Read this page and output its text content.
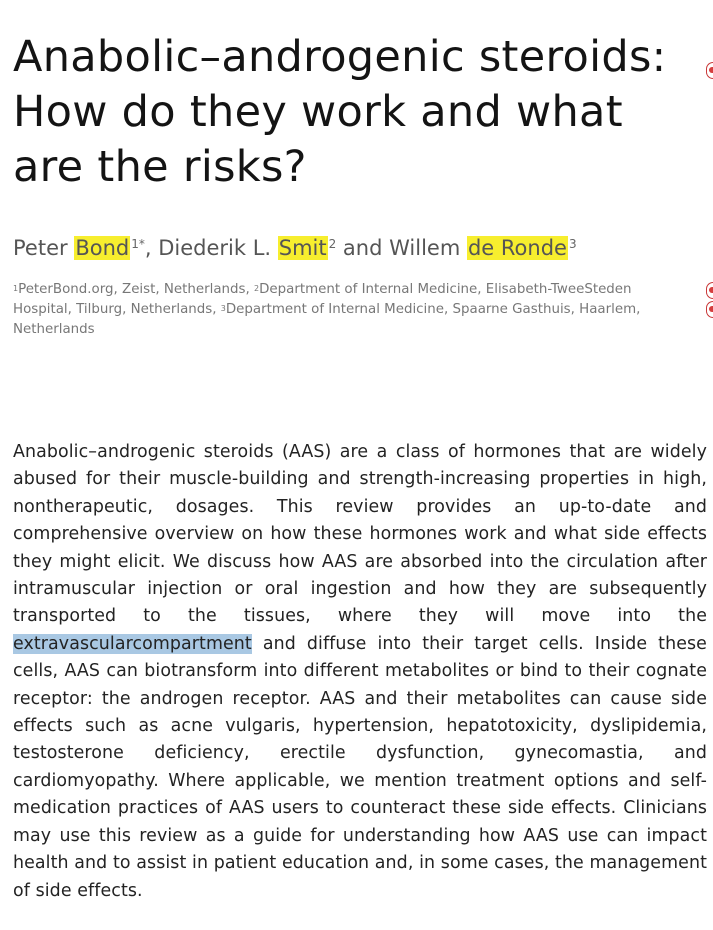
Anabolic–androgenic steroids: How do they work and what are the risks?
Peter Bond $^{1*}$, Diederik L. Smit $^2$ and Willem de Ronde $^3$
$^1$PeterBond.org, Zeist, Netherlands, $^2$Department of Internal Medicine, Elisabeth-TweeSteden Hospital, Tilburg, Netherlands, $^3$Department of Internal Medicine, Spaarne Gasthuis, Haarlem, Netherlands
Anabolic–androgenic steroids (AAS) are a class of hormones that are widely abused for their muscle-building and strength-increasing properties in high, nontherapeutic, dosages. This review provides an up-to-date and comprehensive overview on how these hormones work and what side effects they might elicit. We discuss how AAS are absorbed into the circulation after intramuscular injection or oral ingestion and how they are subsequently transported to the tissues, where they will move into the extravascularcompartment and diffuse into their target cells. Inside these cells, AAS can biotransform into different metabolites or bind to their cognate receptor: the androgen receptor. AAS and their metabolites can cause side effects such as acne vulgaris, hypertension, hepatotoxicity, dyslipidemia, testosterone deficiency, erectile dysfunction, gynecomastia, and cardiomyopathy. Where applicable, we mention treatment options and self-medication practices of AAS users to counteract these side effects. Clinicians may use this review as a guide for understanding how AAS use can impact health and to assist in patient education and, in some cases, the management of side effects.
